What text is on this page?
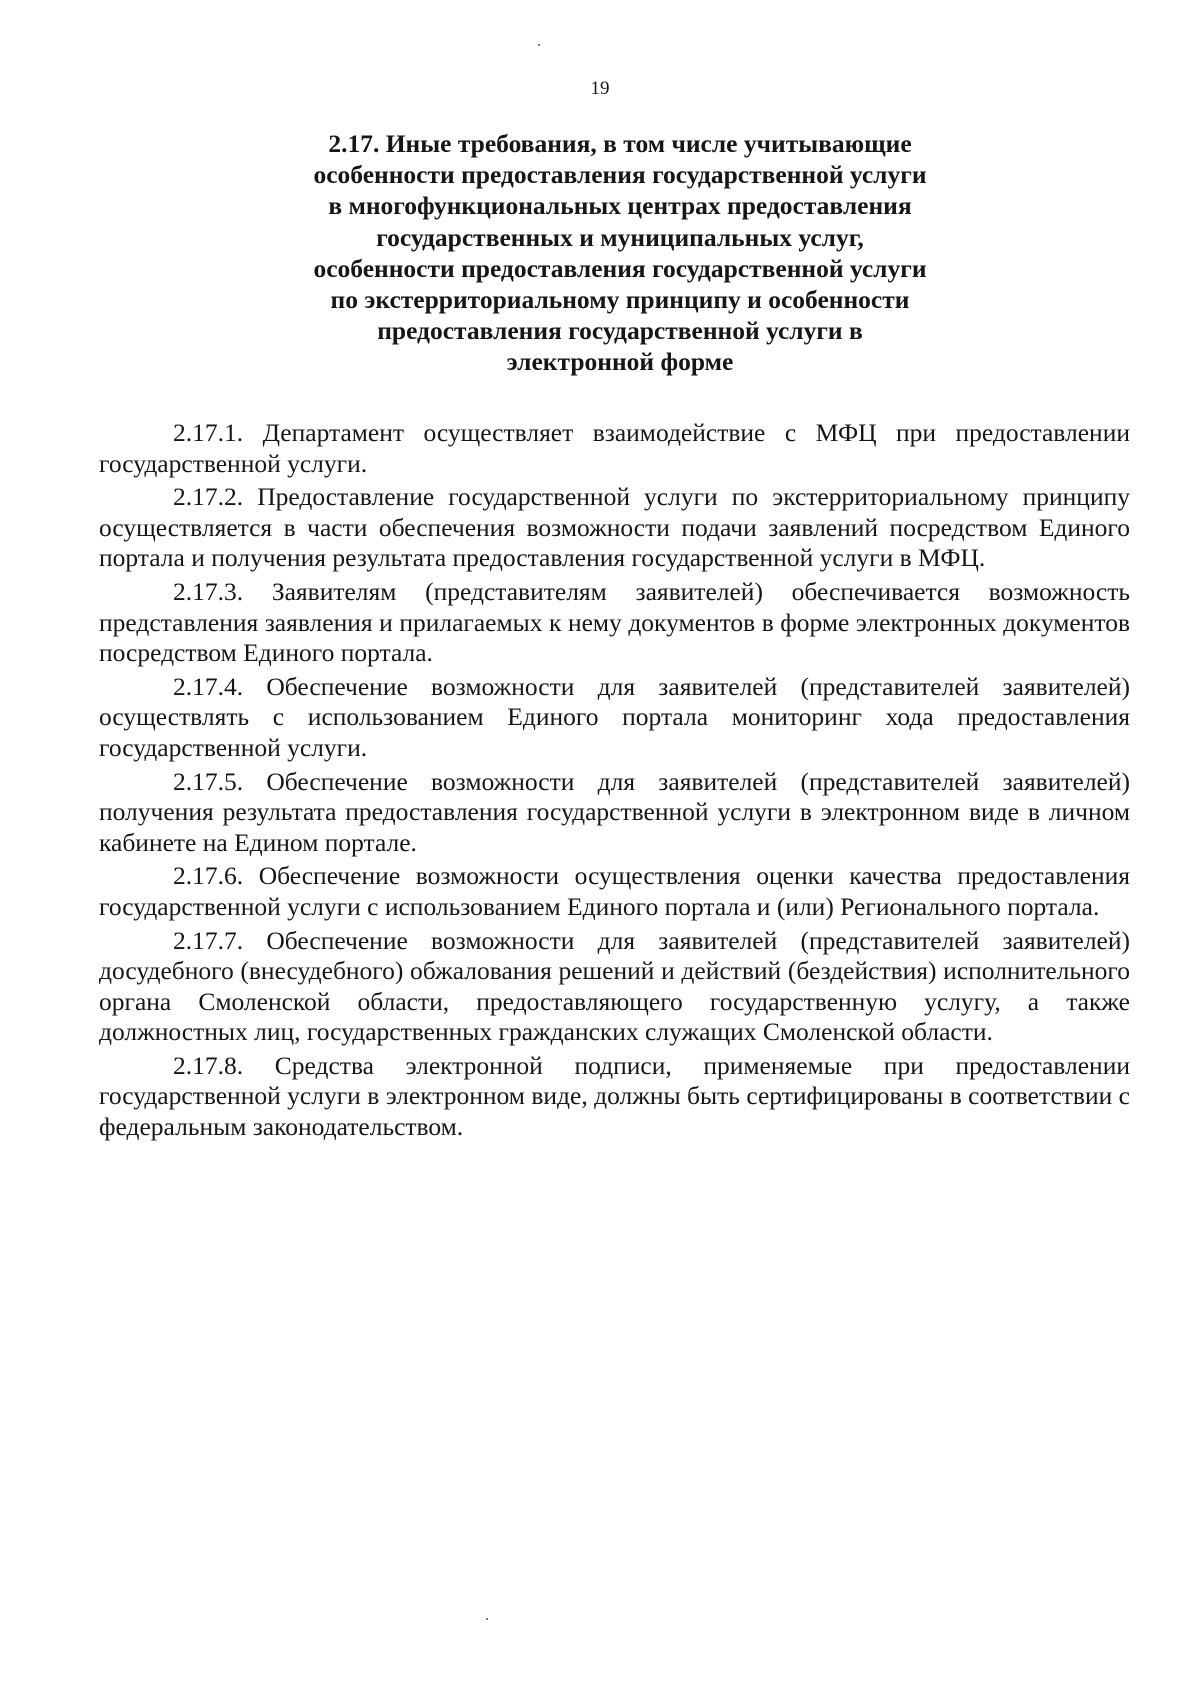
19
2.17. Иные требования, в том числе учитывающие
особенности предоставления государственной услуги
в многофункциональных центрах предоставления
государственных и муниципальных услуг,
особенности предоставления государственной услуги
по экстерриториальному принципу и особенности
предоставления государственной услуги в
электронной форме

2.17.1. Департамент осуществляет взаимодействие с МФЦ при предоставлении государственной услуги.

2.17.2. Предоставление государственной услуги по экстерриториальному принципу осуществляется в части обеспечения возможности подачи заявлений посредством Единого портала и получения результата предоставления государственной услуги в МФЦ.

2.17.3. Заявителям (представителям заявителей) обеспечивается возможность представления заявления и прилагаемых к нему документов в форме электронных документов посредством Единого портала.

2.17.4. Обеспечение возможности для заявителей (представителей заявителей) осуществлять с использованием Единого портала мониторинг хода предоставления государственной услуги.

2.17.5. Обеспечение возможности для заявителей (представителей заявителей) получения результата предоставления государственной услуги в электронном виде в личном кабинете на Едином портале.

2.17.6. Обеспечение возможности осуществления оценки качества предоставления государственной услуги с использованием Единого портала и (или) Регионального портала.

2.17.7. Обеспечение возможности для заявителей (представителей заявителей) досудебного (внесудебного) обжалования решений и действий (бездействия) исполнительного органа Смоленской области, предоставляющего государственную услугу, а также должностных лиц, государственных гражданских служащих Смоленской области.

2.17.8. Средства электронной подписи, применяемые при предоставлении государственной услуги в электронном виде, должны быть сертифицированы в соответствии с федеральным законодательством.
